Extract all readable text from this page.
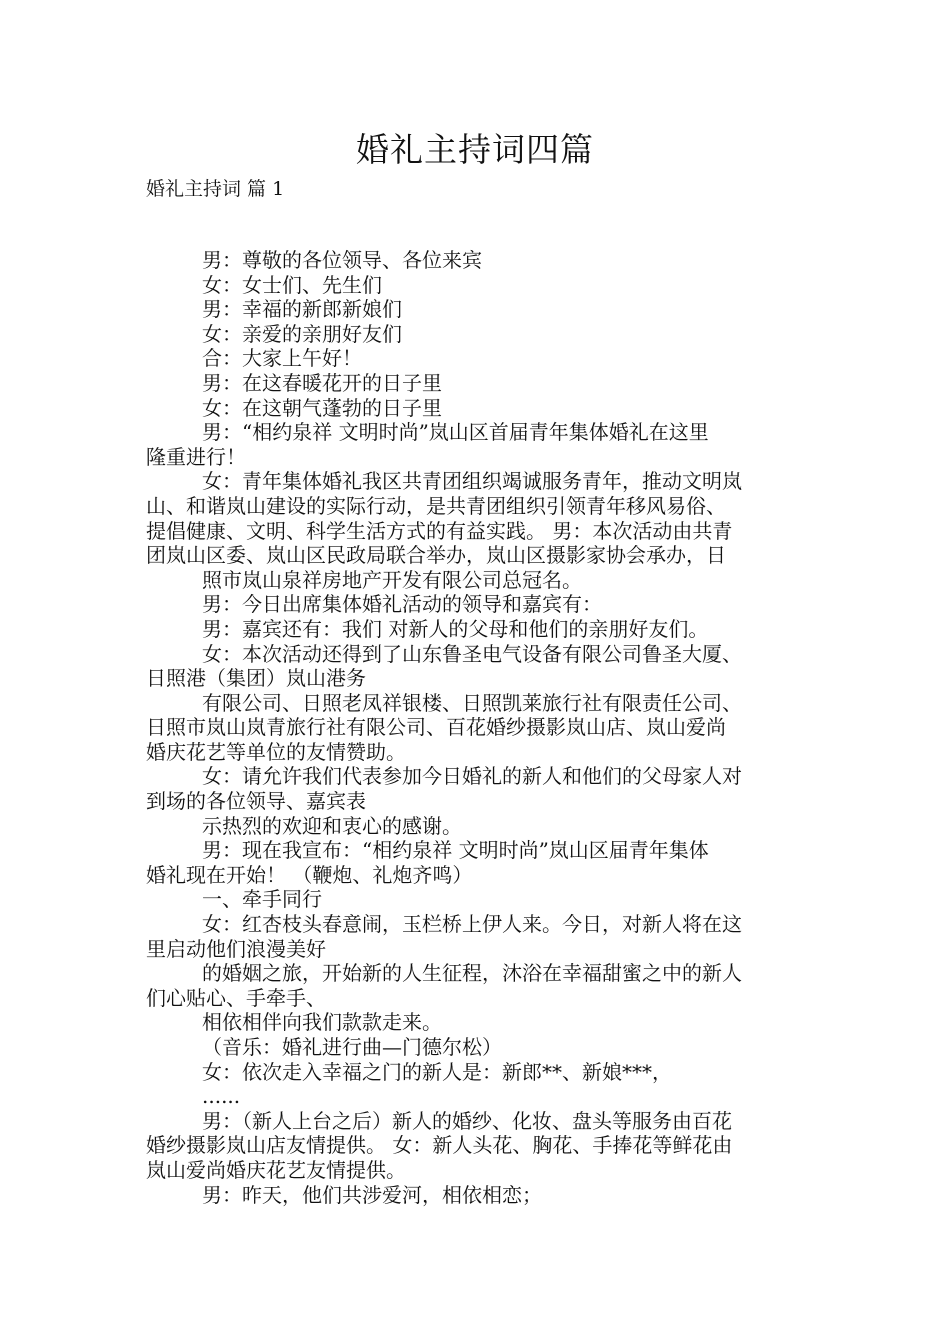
婚礼主持词四篇
婚礼主持词 篇 1
男：尊敬的各位领导、各位来宾
女：女士们、先生们
男：幸福的新郎新娘们
女：亲爱的亲朋好友们
合：大家上午好！
男：在这春暖花开的日子里
女：在这朝气蓬勃的日子里
男：“相约泉祥 文明时尚”岚山区首届青年集体婚礼在这里
隆重进行！
女：青年集体婚礼我区共青团组织竭诚服务青年，推动文明岚
山、和谐岚山建设的实际行动，是共青团组织引领青年移风易俗、
提倡健康、文明、科学生活方式的有益实践。 男：本次活动由共青
团岚山区委、岚山区民政局联合举办，岚山区摄影家协会承办，日
照市岚山泉祥房地产开发有限公司总冠名。
男：今日出席集体婚礼活动的领导和嘉宾有：
男：嘉宾还有：我们 对新人的父母和他们的亲朋好友们。
女：本次活动还得到了山东鲁圣电气设备有限公司鲁圣大厦、
日照港（集团）岚山港务
有限公司、日照老凤祥银楼、日照凯莱旅行社有限责任公司、
日照市岚山岚青旅行社有限公司、百花婚纱摄影岚山店、岚山爱尚
婚庆花艺等单位的友情赞助。
女：请允许我们代表参加今日婚礼的新人和他们的父母家人对
到场的各位领导、嘉宾表
示热烈的欢迎和衷心的感谢。
男：现在我宣布：“相约泉祥 文明时尚”岚山区届青年集体
婚礼现在开始！ （鞭炮、礼炮齐鸣）
一、牵手同行
女：红杏枝头春意闹，玉栏桥上伊人来。今日，对新人将在这
里启动他们浪漫美好
的婚姻之旅，开始新的人生征程，沐浴在幸福甜蜜之中的新人
们心贴心、手牵手、
相依相伴向我们款款走来。
（音乐：婚礼进行曲—门德尔松）
女：依次走入幸福之门的新人是：新郎**、新娘***，
......
男：（新人上台之后）新人的婚纱、化妆、盘头等服务由百花
婚纱摄影岚山店友情提供。 女：新人头花、胸花、手捧花等鲜花由
岚山爱尚婚庆花艺友情提供。
男：昨天，他们共涉爱河，相依相恋；
